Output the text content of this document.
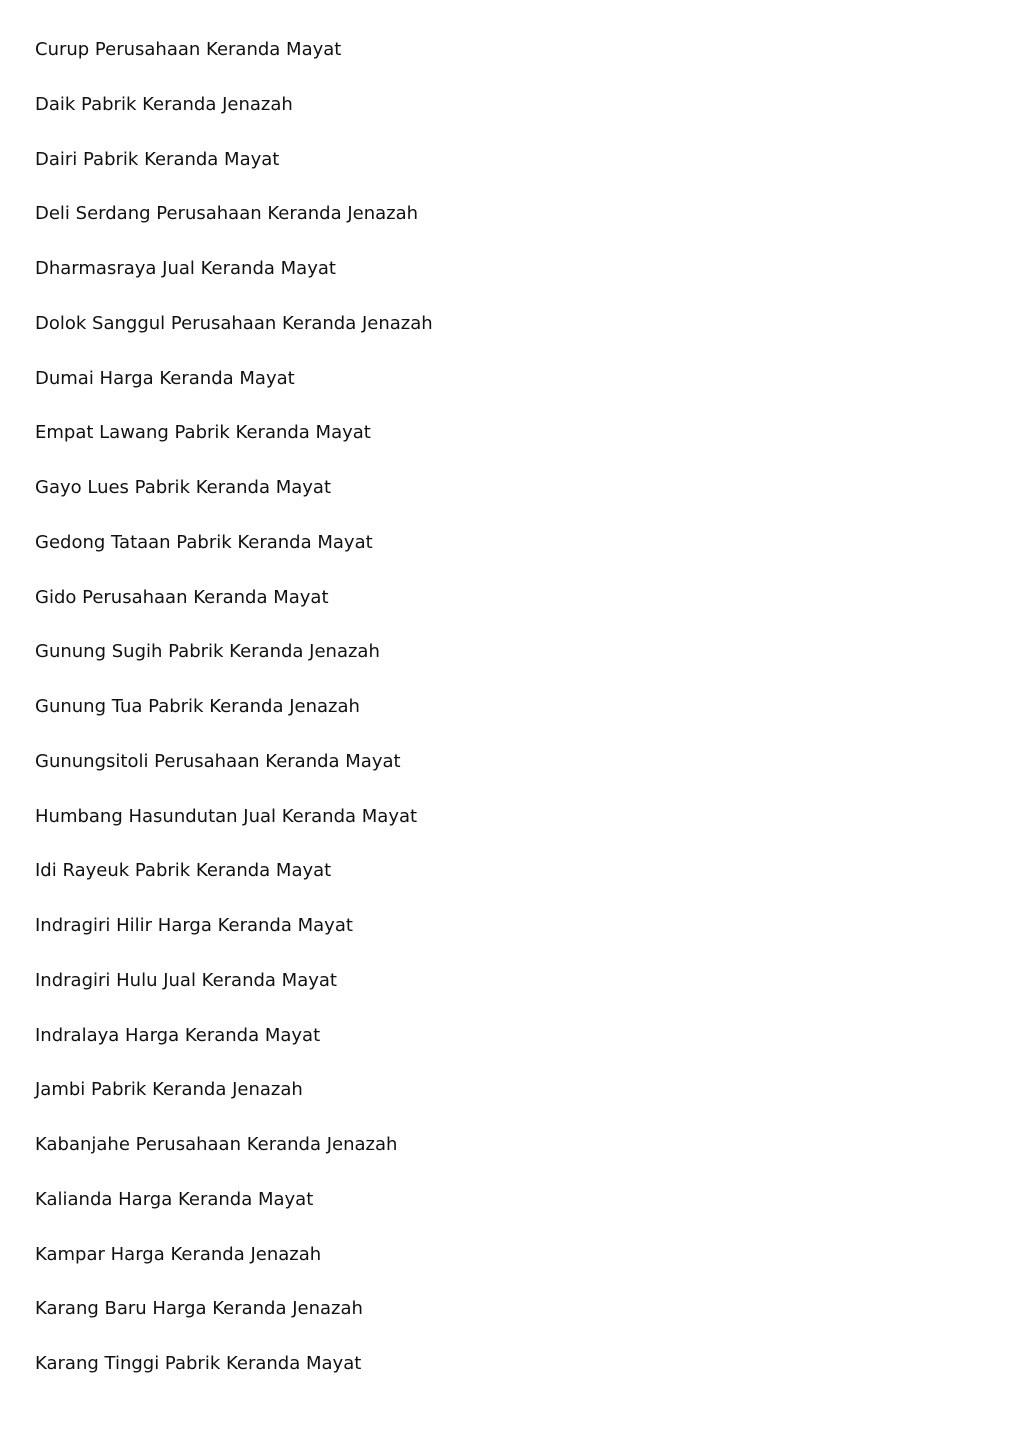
Curup Perusahaan Keranda Mayat
Daik Pabrik Keranda Jenazah
Dairi Pabrik Keranda Mayat
Deli Serdang Perusahaan Keranda Jenazah
Dharmasraya Jual Keranda Mayat
Dolok Sanggul Perusahaan Keranda Jenazah
Dumai Harga Keranda Mayat
Empat Lawang Pabrik Keranda Mayat
Gayo Lues Pabrik Keranda Mayat
Gedong Tataan Pabrik Keranda Mayat
Gido Perusahaan Keranda Mayat
Gunung Sugih Pabrik Keranda Jenazah
Gunung Tua Pabrik Keranda Jenazah
Gunungsitoli Perusahaan Keranda Mayat
Humbang Hasundutan Jual Keranda Mayat
Idi Rayeuk Pabrik Keranda Mayat
Indragiri Hilir Harga Keranda Mayat
Indragiri Hulu Jual Keranda Mayat
Indralaya Harga Keranda Mayat
Jambi Pabrik Keranda Jenazah
Kabanjahe Perusahaan Keranda Jenazah
Kalianda Harga Keranda Mayat
Kampar Harga Keranda Jenazah
Karang Baru Harga Keranda Jenazah
Karang Tinggi Pabrik Keranda Mayat
